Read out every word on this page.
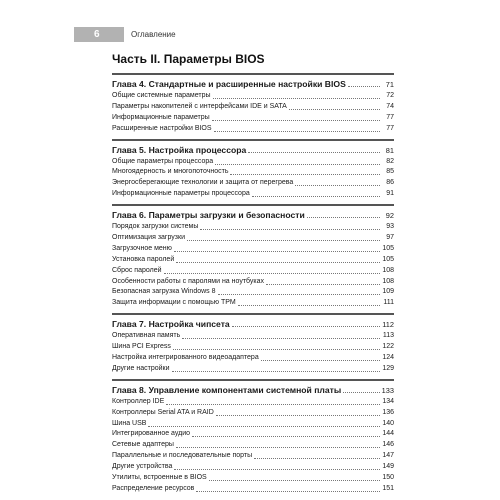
6	Оглавление
Часть II. Параметры BIOS
Глава 4. Стандартные и расширенные настройки BIOS	71
Общие системные параметры	72
Параметры накопителей с интерфейсами IDE и SATA	74
Информационные параметры	77
Расширенные настройки BIOS	77
Глава 5. Настройка процессора	81
Общие параметры процессора	82
Многоядерность и многопоточность	85
Энергосберегающие технологии и защита от перегрева	86
Информационные параметры процессора	91
Глава 6. Параметры загрузки и безопасности	92
Порядок загрузки системы	93
Оптимизация загрузки	97
Загрузочное меню	105
Установка паролей	105
Сброс паролей	108
Особенности работы с паролями на ноутбуках	108
Безопасная загрузка Windows 8	109
Защита информации с помощью TPM	111
Глава 7. Настройка чипсета	112
Оперативная память	113
Шина PCI Express	122
Настройка интегрированного видеоадаптера	124
Другие настройки	129
Глава 8. Управление компонентами системной платы	133
Контроллер IDE	134
Контроллеры Serial ATA и RAID	136
Шина USB	140
Интегрированное аудио	144
Сетевые адаптеры	146
Параллельные и последовательные порты	147
Другие устройства	149
Утилиты, встроенные в BIOS	150
Распределение ресурсов	151
